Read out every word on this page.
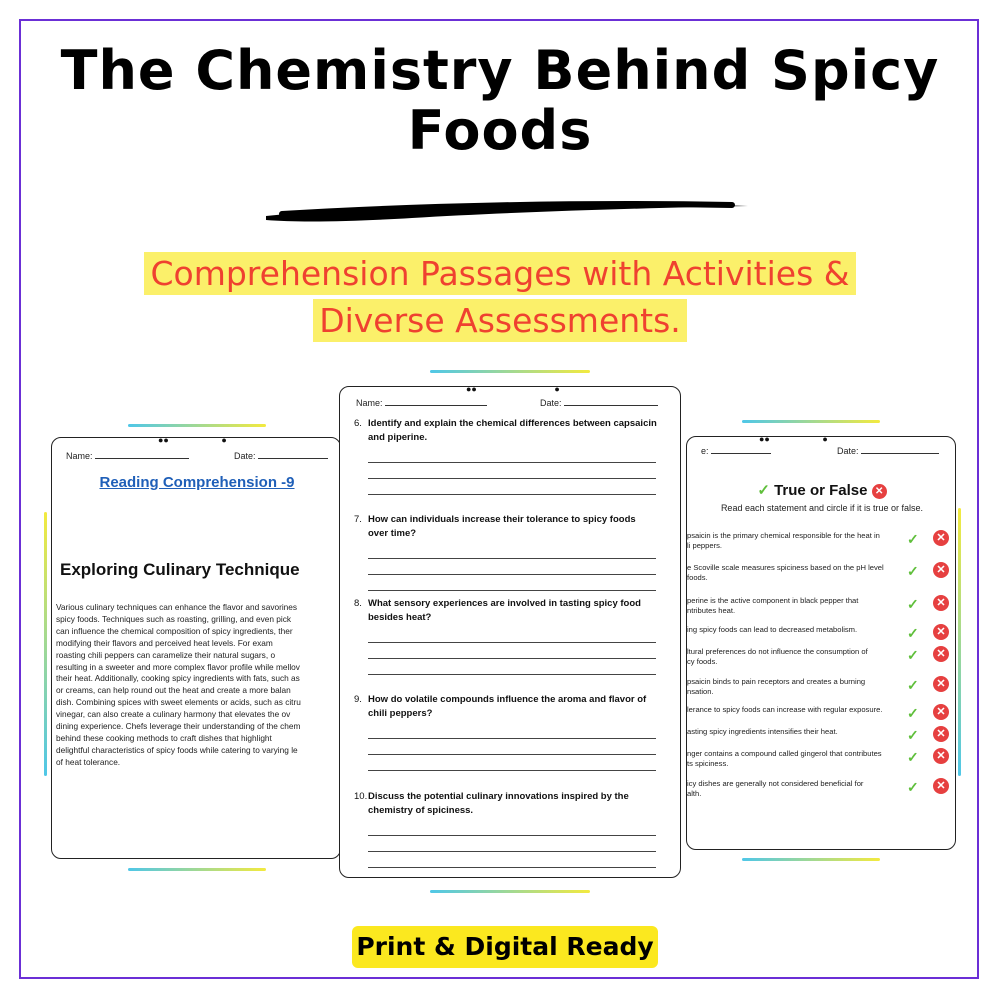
The Chemistry Behind Spicy
Foods
Comprehension Passages with Activities &
Diverse Assessments.
●●                     ●
Name:	Date:
Reading Comprehension -9
Exploring Culinary Technique
Various culinary techniques can enhance the flavor and savorines
spicy foods. Techniques such as roasting, grilling, and even pick
can influence the chemical composition of spicy ingredients, ther
modifying their flavors and perceived heat levels. For exam
roasting chili peppers can caramelize their natural sugars, o
resulting in a sweeter and more complex flavor profile while mellov
their heat. Additionally, cooking spicy ingredients with fats, such as
or creams, can help round out the heat and create a more balan
dish. Combining spices with sweet elements or acids, such as citru
vinegar, can also create a culinary harmony that elevates the ov
dining experience. Chefs leverage their understanding of the chem
behind these cooking methods to craft dishes that highlight
delightful characteristics of spicy foods while catering to varying le
of heat tolerance.
●●                     ●
e:	Date:
✓ True or False ✕
Read each statement and circle if it is true or false.
psaicin is the primary chemical responsible for the heat in
li peppers.	✓	✕
e Scoville scale measures spiciness based on the pH level
foods.	✓	✕
perine is the active component in black pepper that
ntributes heat.	✓	✕
ing spicy foods can lead to decreased metabolism.	✓	✕
ltural preferences do not influence the consumption of
cy foods.	✓	✕
psaicin binds to pain receptors and creates a burning
nsation.	✓	✕
lerance to spicy foods can increase with regular exposure.	✓	✕
asting spicy ingredients intensifies their heat.	✓	✕
nger contains a compound called gingerol that contributes
ts spiciness.	✓	✕
icy dishes are generally not considered beneficial for
alth.	✓	✕
●●                               ●
Name:	Date:
6. Identify and explain the chemical differences between capsaicin and piperine.
7. How can individuals increase their tolerance to spicy foods over time?
8. What sensory experiences are involved in tasting spicy food besides heat?
9. How do volatile compounds influence the aroma and flavor of chili peppers?
10. Discuss the potential culinary innovations inspired by the chemistry of spiciness.
Print & Digital Ready
